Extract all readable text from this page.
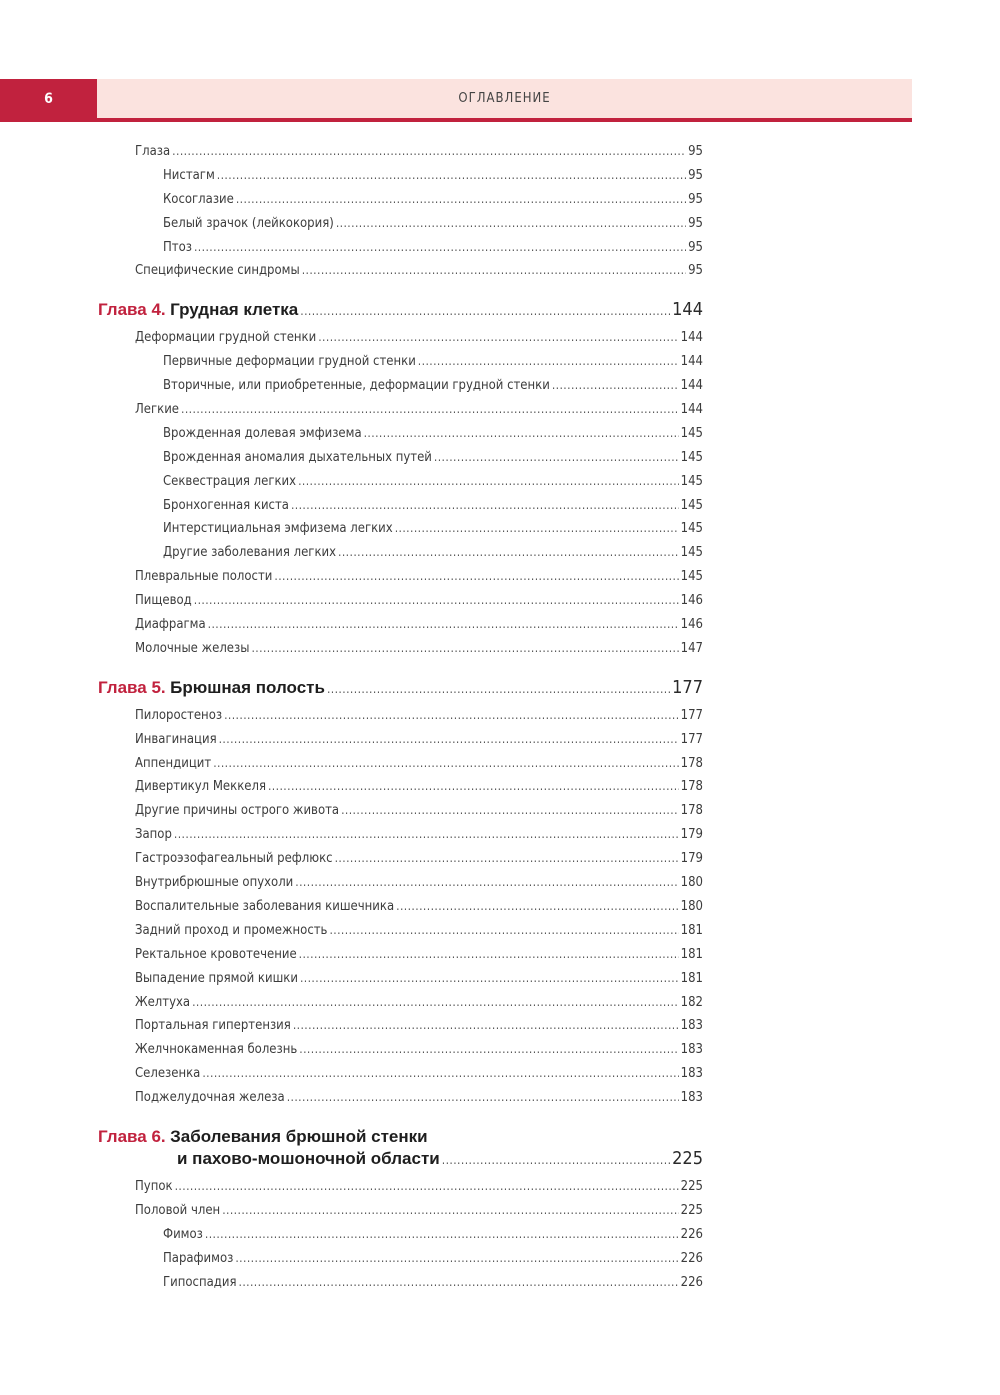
6	ОГЛАВЛЕНИЕ
Глаза .....	95
Нистагм .....	95
Косоглазие .....	95
Белый зрачок (лейкокория) .....	95
Птоз .....	95
Специфические синдромы .....	95
Глава 4.
Грудная клетка .....	144
Деформации грудной стенки .....	144
Первичные деформации грудной стенки .....	144
Вторичные, или приобретенные, деформации грудной стенки .....	144
Легкие .....	144
Врожденная долевая эмфизема .....	145
Врожденная аномалия дыхательных путей .....	145
Секвестрация легких .....	145
Бронхогенная киста .....	145
Интерстициальная эмфизема легких .....	145
Другие заболевания легких .....	145
Плевральные полости .....	145
Пищевод .....	146
Диафрагма .....	146
Молочные железы .....	147
Глава 5.
Брюшная полость .....	177
Пилоростеноз .....	177
Инвагинация .....	177
Аппендицит .....	178
Дивертикул Меккеля .....	178
Другие причины острого живота .....	178
Запор .....	179
Гастроэзофагеальный рефлюкс .....	179
Внутрибрюшные опухоли .....	180
Воспалительные заболевания кишечника .....	180
Задний проход и промежность .....	181
Ректальное кровотечение .....	181
Выпадение прямой кишки .....	181
Желтуха .....	182
Портальная гипертензия .....	183
Желчнокаменная болезнь .....	183
Селезенка .....	183
Поджелудочная железа .....	183
Глава 6. Заболевания брюшной стенки
и пахово-мошоночной области .....	225
Пупок .....	225
Половой член .....	225
Фимоз .....	226
Парафимоз .....	226
Гипоспадия .....	226
